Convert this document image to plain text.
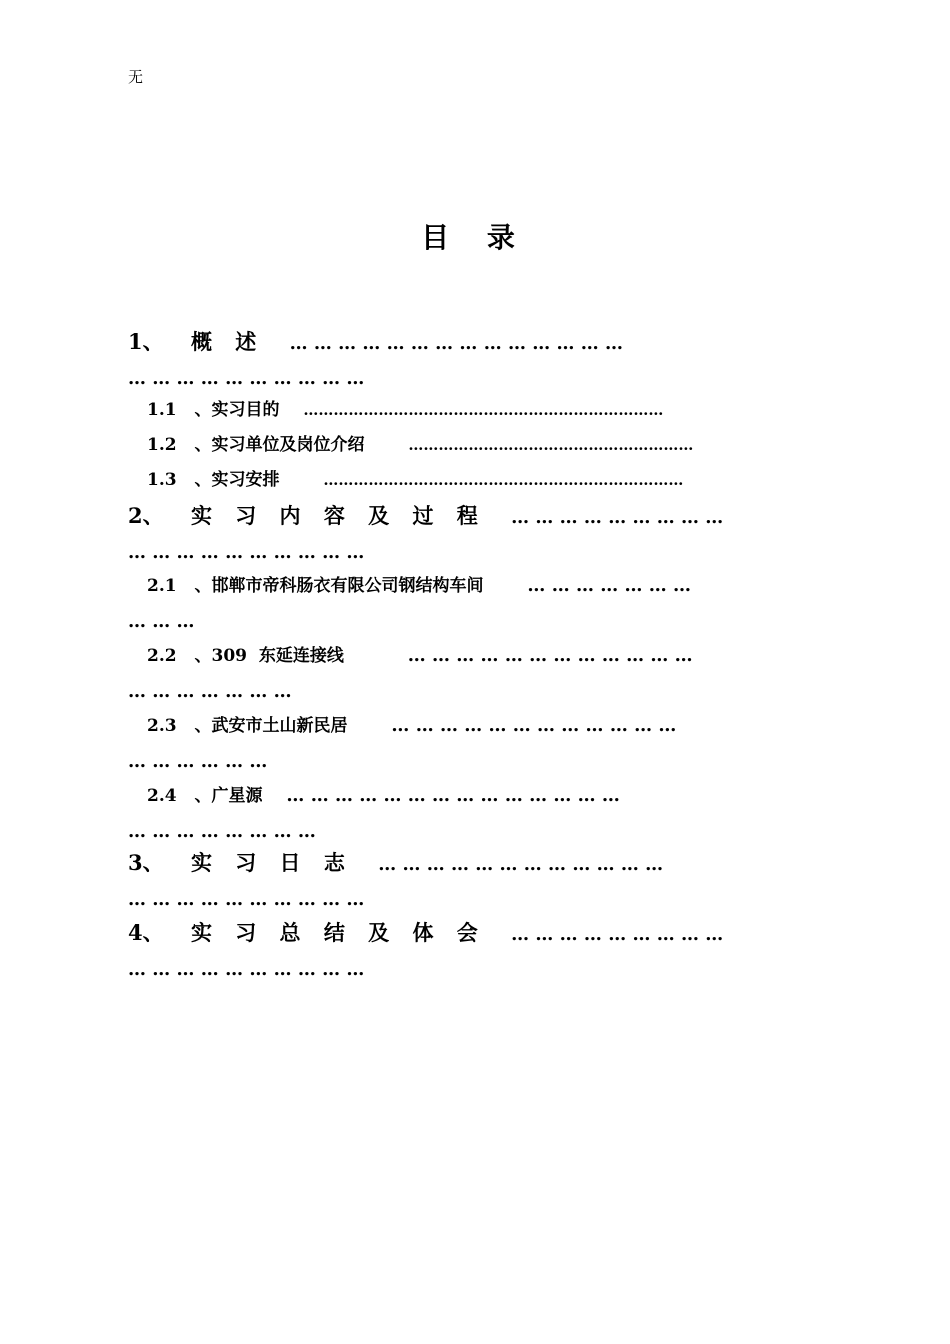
无
目 录
1、 概 述 … … … … … … … … … … … … … …
… … … … … … … … … …
1.1 、实习目的 ………………………………………………………………
1.2 、实习单位及岗位介绍	…………………………………………………
1.3 、实习安排	………………………………………………………………
2、 实 习 内 容 及 过 程 … … … … … … … … …
… … … … … … … … … …
2.1 、邯郸市帝科肠衣有限公司钢结构车间 … … … … … … …
… … …
2.2 、309  东延连接线	… … … … … … … … … … … …
… … … … … … …
2.3 、武安市土山新民居 … … … … … … … … … … … …
… … … … … …
2.4 、广星源 … … … … … … … … … … … … … …
… … … … … … … …
3、 实 习 日 志 … … … … … … … … … … … …
… … … … … … … … … …
4、 实 习 总 结 及 体 会 … … … … … … … … …
… … … … … … … … … …
